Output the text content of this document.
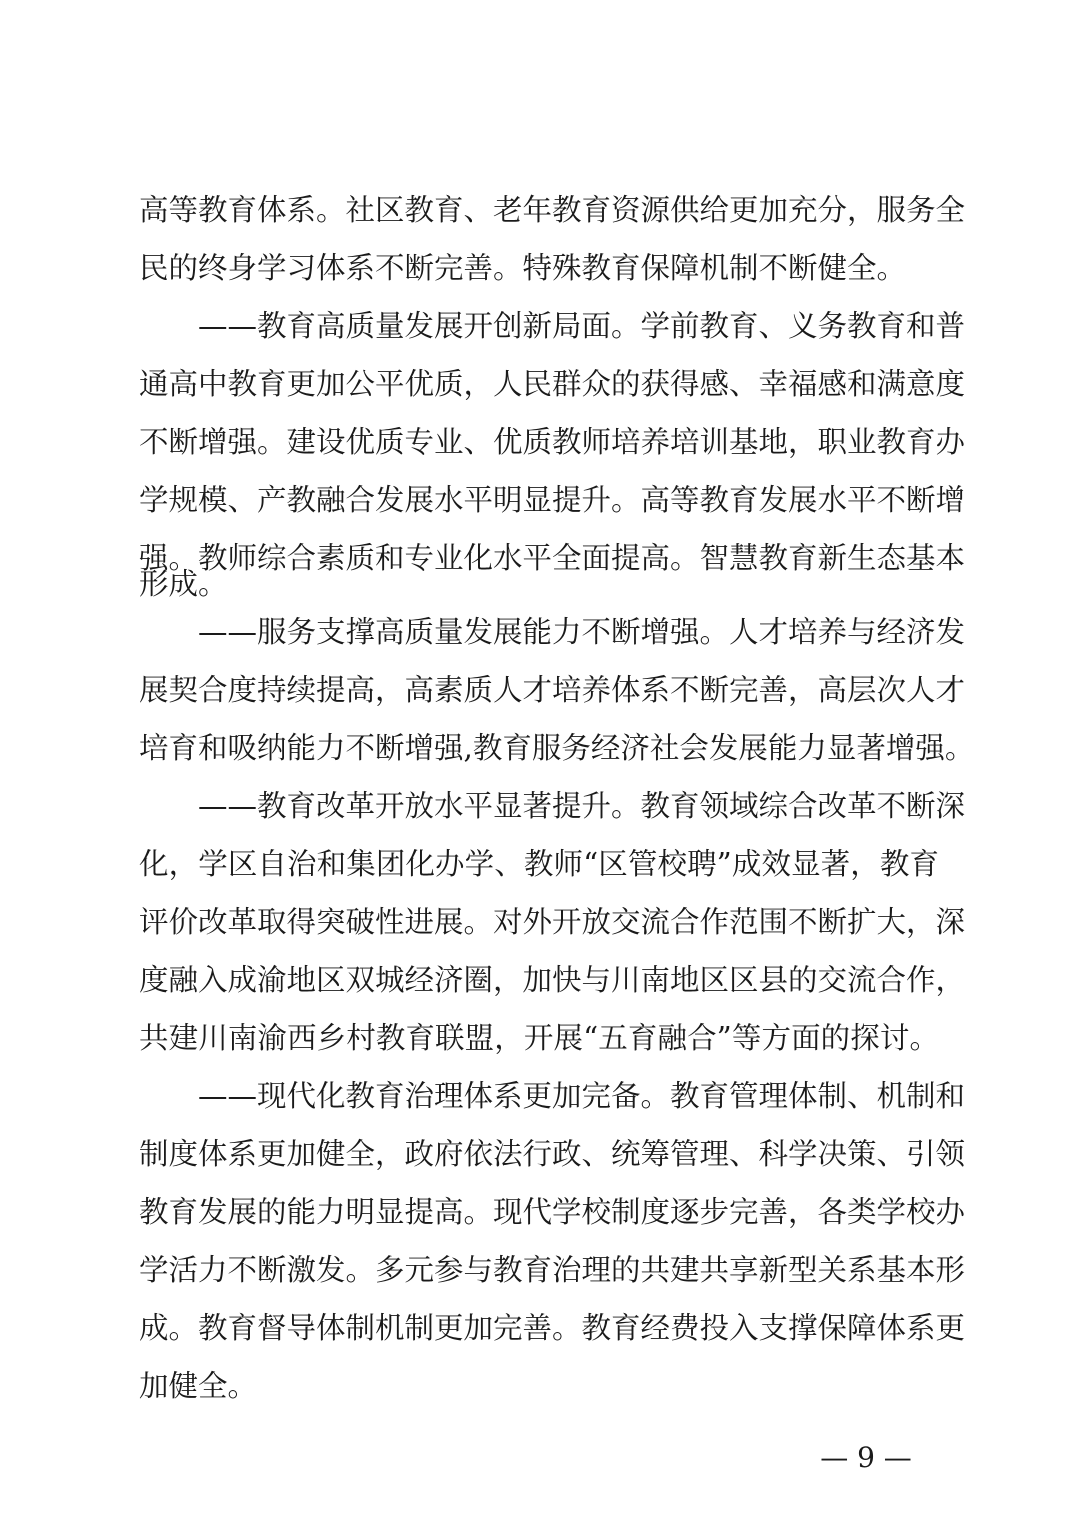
高等教育体系。社区教育、老年教育资源供给更加充分，服务全
民的终身学习体系不断完善。特殊教育保障机制不断健全。
——教育高质量发展开创新局面。学前教育、义务教育和普
通高中教育更加公平优质，人民群众的获得感、幸福感和满意度
不断增强。建设优质专业、优质教师培养培训基地，职业教育办
学规模、产教融合发展水平明显提升。高等教育发展水平不断增
强。教师综合素质和专业化水平全面提高。智慧教育新生态基本
形成。
——服务支撑高质量发展能力不断增强。人才培养与经济发
展契合度持续提高，高素质人才培养体系不断完善，高层次人才
培育和吸纳能力不断增强,教育服务经济社会发展能力显著增强。
——教育改革开放水平显著提升。教育领域综合改革不断深
化，学区自治和集团化办学、教师“区管校聘”成效显著，教育
评价改革取得突破性进展。对外开放交流合作范围不断扩大，深
度融入成渝地区双城经济圈，加快与川南地区区县的交流合作，
共建川南渝西乡村教育联盟，开展“五育融合”等方面的探讨。
——现代化教育治理体系更加完备。教育管理体制、机制和
制度体系更加健全，政府依法行政、统筹管理、科学决策、引领
教育发展的能力明显提高。现代学校制度逐步完善，各类学校办
学活力不断激发。多元参与教育治理的共建共享新型关系基本形
成。教育督导体制机制更加完善。教育经费投入支撑保障体系更
加健全。
— 9 —
